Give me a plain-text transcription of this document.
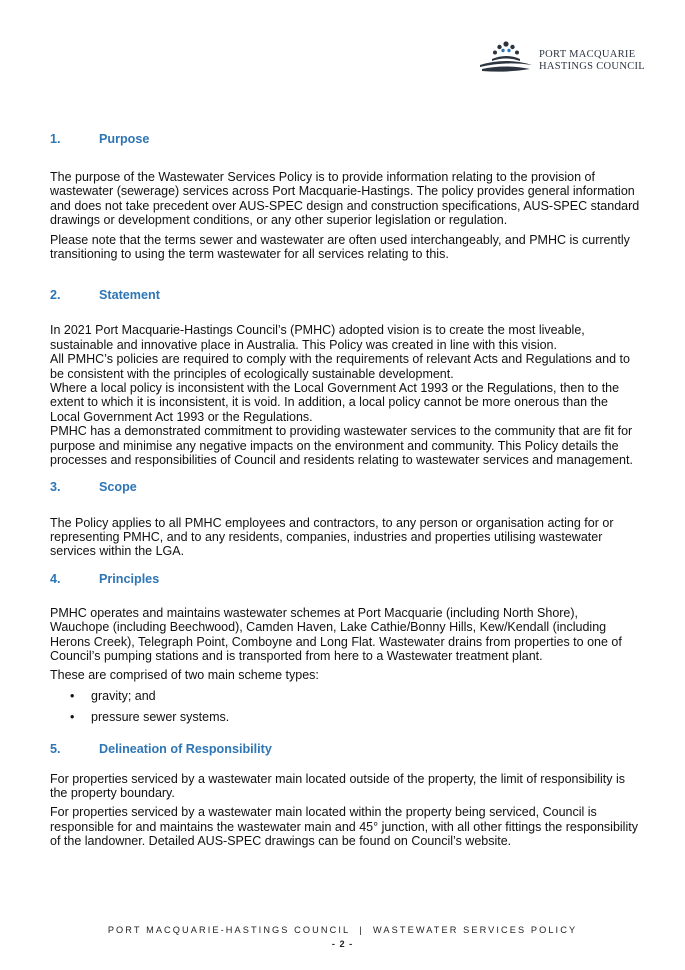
PORT MACQUARIE
HASTINGS COUNCIL
1.	Purpose

The purpose of the Wastewater Services Policy is to provide information relating to the provision of wastewater (sewerage) services across Port Macquarie-Hastings. The policy provides general information and does not take precedent over AUS-SPEC design and construction specifications, AUS-SPEC standard drawings or development conditions, or any other superior legislation or regulation.

Please note that the terms sewer and wastewater are often used interchangeably, and PMHC is currently transitioning to using the term wastewater for all services relating to this.

2.	Statement

In 2021 Port Macquarie-Hastings Council’s (PMHC) adopted vision is to create the most liveable, sustainable and innovative place in Australia. This Policy was created in line with this vision.

All PMHC’s policies are required to comply with the requirements of relevant Acts and Regulations and to be consistent with the principles of ecologically sustainable development.

Where a local policy is inconsistent with the Local Government Act 1993 or the Regulations, then to the extent to which it is inconsistent, it is void. In addition, a local policy cannot be more onerous than the Local Government Act 1993 or the Regulations.

PMHC has a demonstrated commitment to providing wastewater services to the community that are fit for purpose and minimise any negative impacts on the environment and community. This Policy details the processes and responsibilities of Council and residents relating to wastewater services and management.

3.	Scope

The Policy applies to all PMHC employees and contractors, to any person or organisation acting for or representing PMHC, and to any residents, companies, industries and properties utilising wastewater services within the LGA.

4.	Principles

PMHC operates and maintains wastewater schemes at Port Macquarie (including North Shore), Wauchope (including Beechwood), Camden Haven, Lake Cathie/Bonny Hills, Kew/Kendall (including Herons Creek), Telegraph Point, Comboyne and Long Flat. Wastewater drains from properties to one of Council’s pumping stations and is transported from here to a Wastewater treatment plant.

These are comprised of two main scheme types:

• gravity; and
• pressure sewer systems.
5.	Delineation of Responsibility

For properties serviced by a wastewater main located outside of the property, the limit of responsibility is the property boundary.

For properties serviced by a wastewater main located within the property being serviced, Council is responsible for and maintains the wastewater main and 45° junction, with all other fittings the responsibility of the landowner. Detailed AUS-SPEC drawings can be found on Council’s website.

PORT MACQUARIE-HASTINGS COUNCIL  |  WASTEWATER SERVICES POLICY
- 2 -
